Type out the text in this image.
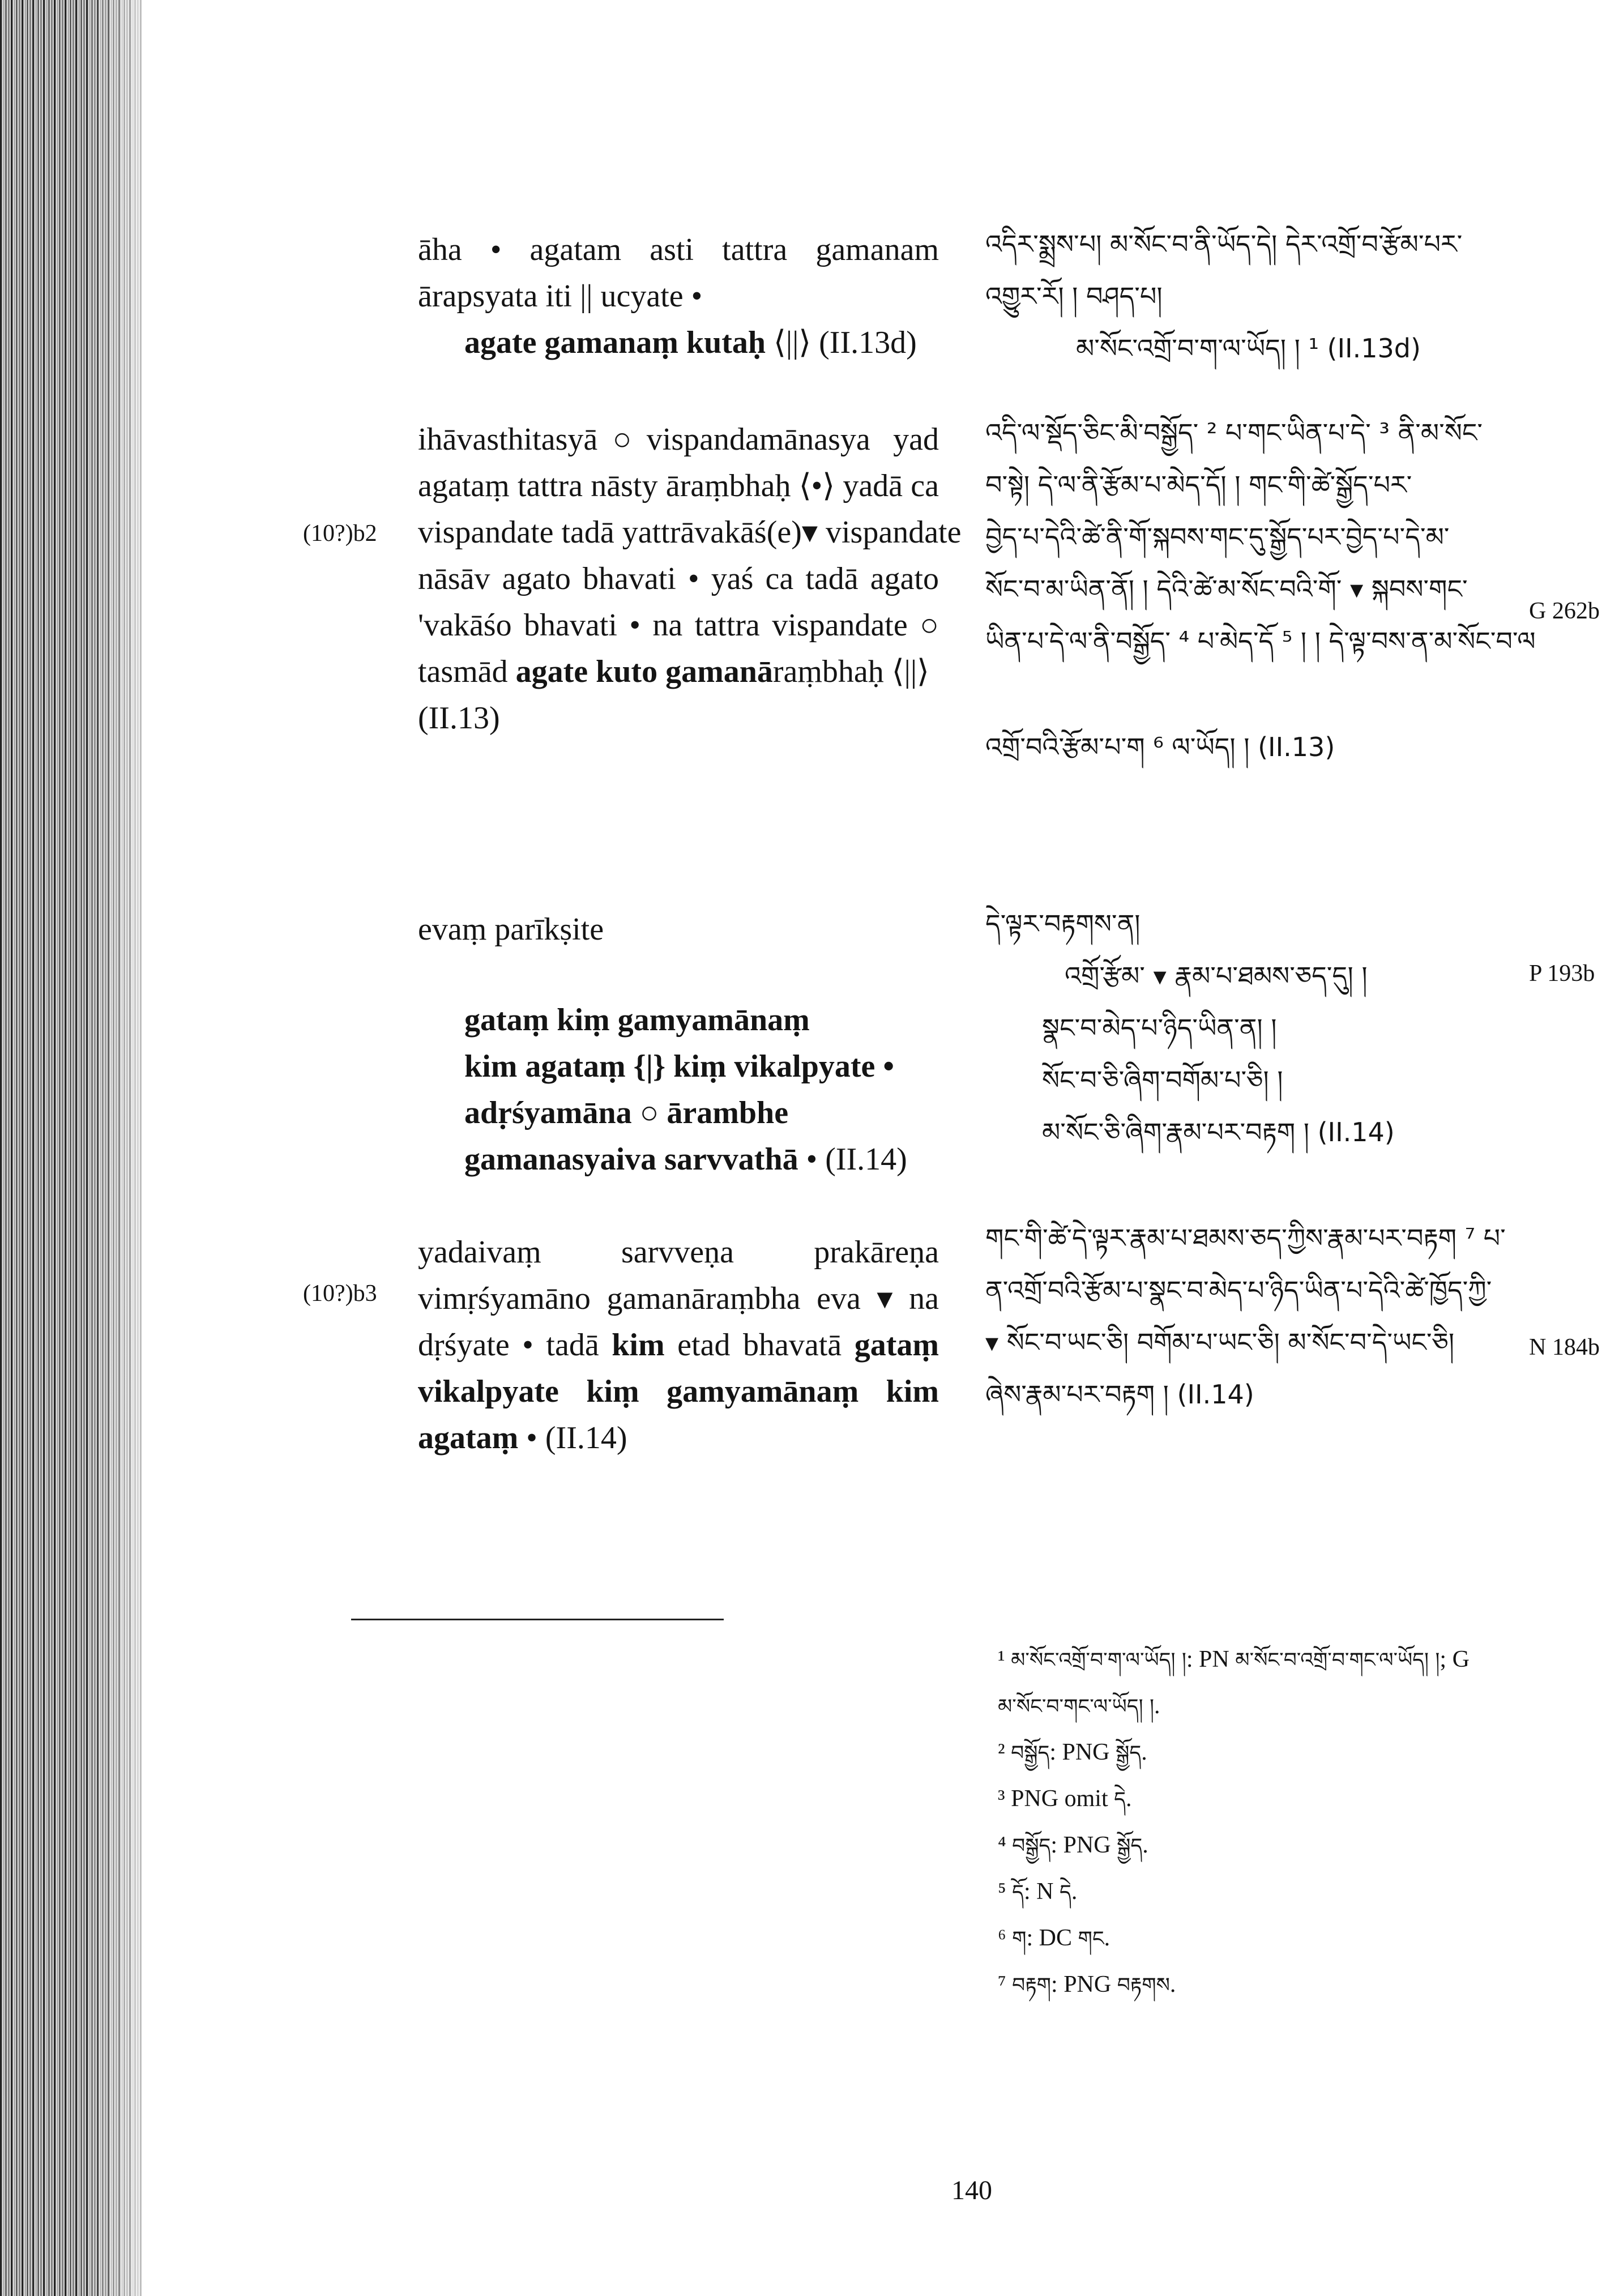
āha • agatam asti tattra gamanam
ārapsyata iti || ucyate •
agate gamanaṃ kutaḥ ⟨||⟩ (II.13d)
ihāvasthitasyā○vispandamānasya yad
agataṃ tattra nāsty āraṃbhaḥ ⟨•⟩ yadā ca
vispandate tadā yattrāvakāś(e)▾ vispandate
nāsāv agato bhavati • yaś ca tadā agato
'vakāśo bhavati • na tattra vispandate ○
tasmād agate kuto gamanāraṃbhaḥ ⟨||⟩
(II.13)
evaṃ parīkṣite
gataṃ kiṃ gamyamānaṃ
kim agataṃ {|} kiṃ vikalpyate •
adṛśyamāna ○ ārambhe
gamanasyaiva sarvvathā • (II.14)
yadaivaṃ sarvveṇa prakāreṇa
vimṛśyamāno gamanāraṃbha eva ▾ na
dṛśyate • tadā kim etad bhavatā gataṃ
vikalpyate kiṃ gamyamānaṃ kim
agataṃ • (II.14)
འདིར་སྨྲས་པ། མ་སོང་བ་ནི་ཡོད་དེ། དེར་འགྲོ་བ་རྩོམ་པར་
འགྱུར་རོ། ། བཤད་པ།
མ་སོང་འགྲོ་བ་ག་ལ་ཡོད། ། ¹ (II.13d)
འདི་ལ་སྡོད་ཅིང་མི་བསྒྱོད་ ² པ་གང་ཡིན་པ་དེ་ ³ ནི་མ་སོང་
བ་སྟེ། དེ་ལ་ནི་རྩོམ་པ་མེད་དོ། ། གང་གི་ཚེ་སྒྱོད་པར་
བྱེད་པ་དེའི་ཚེ་ནི་གོ་སྐབས་གང་དུ་སྒྱོད་པར་བྱེད་པ་དེ་མ་
སོང་བ་མ་ཡིན་ནོ། ། དེའི་ཚེ་མ་སོང་བའི་གོ་ ▾ སྐབས་གང་
ཡིན་པ་དེ་ལ་ནི་བསྒྱོད་ ⁴ པ་མེད་དོ ⁵ ། ། དེ་ལྟ་བས་ན་མ་སོང་བ་ལ
འགྲོ་བའི་རྩོམ་པ་ག ⁶ ལ་ཡོད། ། (II.13)
དེ་ལྟར་བརྟགས་ན།
འགྲོ་རྩོམ་ ▾ རྣམ་པ་ཐམས་ཅད་དུ། །
སྣང་བ་མེད་པ་ཉིད་ཡིན་ན། །
སོང་བ་ཅི་ཞིག་བགོམ་པ་ཅི། །
མ་སོང་ཅི་ཞིག་རྣམ་པར་བརྟག ། (II.14)
གང་གི་ཚེ་དེ་ལྟར་རྣམ་པ་ཐམས་ཅད་ཀྱིས་རྣམ་པར་བརྟག ⁷ པ་
ན་འགྲོ་བའི་རྩོམ་པ་སྣང་བ་མེད་པ་ཉིད་ཡིན་པ་དེའི་ཚེ་ཁྱོད་ཀྱི་
▾ སོང་བ་ཡང་ཅི། བགོམ་པ་ཡང་ཅི། མ་སོང་བ་དེ་ཡང་ཅི།
ཞེས་རྣམ་པར་བརྟག ། (II.14)
(10?)b2
(10?)b3
G 262b
P 193b
N 184b
¹ མ་སོང་འགྲོ་བ་ག་ལ་ཡོད། །: PN མ་སོང་བ་འགྲོ་བ་གང་ལ་ཡོད། །; G
མ་སོང་བ་གང་ལ་ཡོད། །.
² བསྒྱོད: PNG སྒྱོད.
³ PNG omit དེ.
⁴ བསྒྱོད: PNG སྒྱོད.
⁵ དོ: N དེ.
⁶ ག: DC གང.
⁷ བརྟག: PNG བརྟགས.
140
